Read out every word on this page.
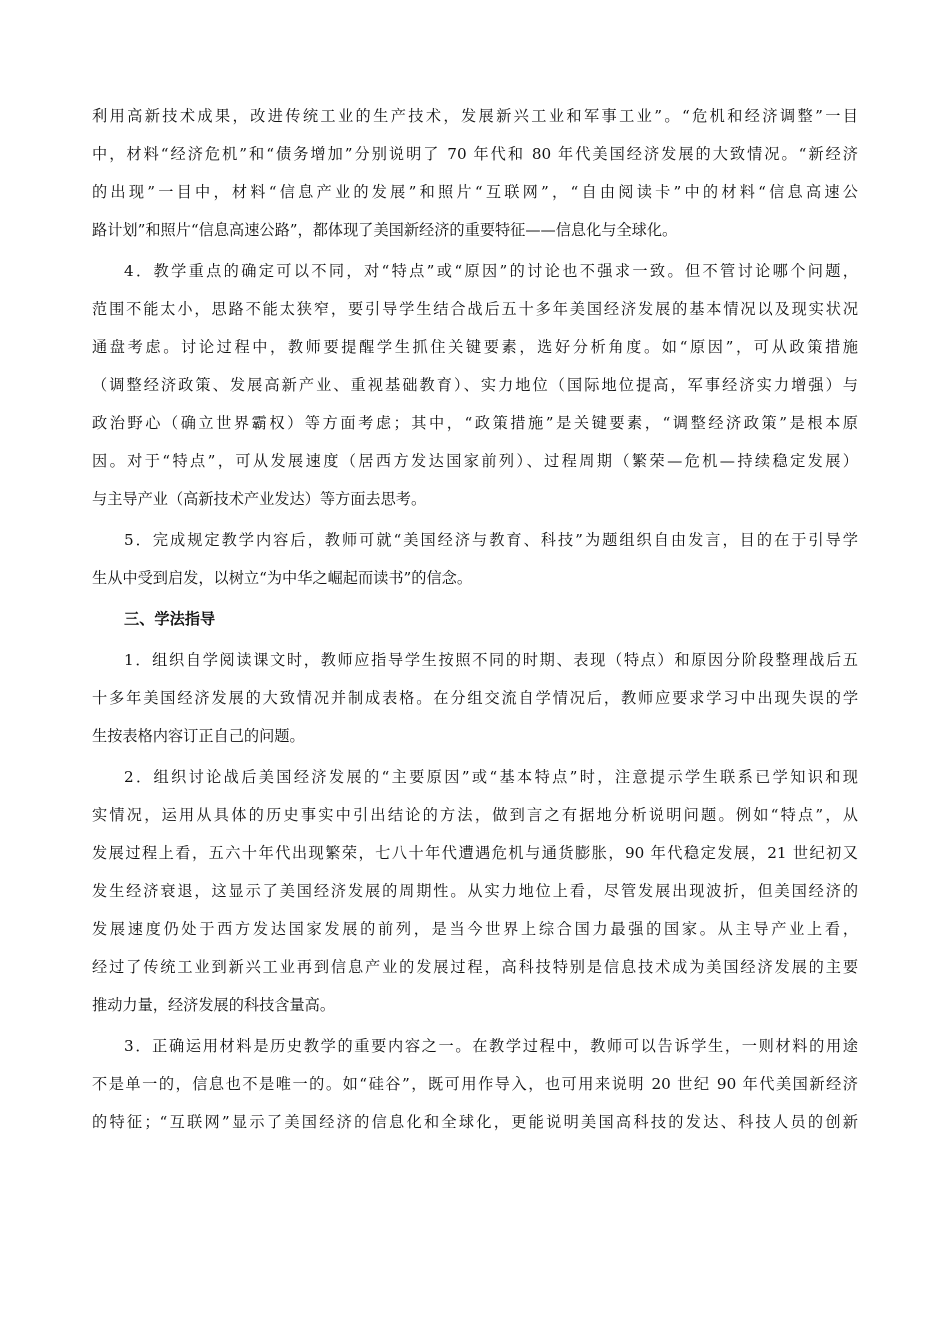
利用高新技术成果，改进传统工业的生产技术，发展新兴工业和军事工业”。“危机和经济调整”一目
中，材料“经济危机”和“债务增加”分别说明了 70 年代和 80 年代美国经济发展的大致情况。“新经济
的出现”一目中，材料“信息产业的发展”和照片“互联网”，“自由阅读卡”中的材料“信息高速公
路计划”和照片“信息高速公路”，都体现了美国新经济的重要特征——信息化与全球化。
4．教学重点的确定可以不同，对“特点”或“原因”的讨论也不强求一致。但不管讨论哪个问题，
范围不能太小，思路不能太狭窄，要引导学生结合战后五十多年美国经济发展的基本情况以及现实状况
通盘考虑。讨论过程中，教师要提醒学生抓住关键要素，选好分析角度。如“原因”，可从政策措施
（调整经济政策、发展高新产业、重视基础教育）、实力地位（国际地位提高，军事经济实力增强）与
政治野心（确立世界霸权）等方面考虑；其中，“政策措施”是关键要素，“调整经济政策”是根本原
因。对于“特点”，可从发展速度（居西方发达国家前列）、过程周期（繁荣—危机—持续稳定发展）
与主导产业（高新技术产业发达）等方面去思考。
5．完成规定教学内容后，教师可就“美国经济与教育、科技”为题组织自由发言，目的在于引导学
生从中受到启发，以树立“为中华之崛起而读书”的信念。
三、学法指导
1．组织自学阅读课文时，教师应指导学生按照不同的时期、表现（特点）和原因分阶段整理战后五
十多年美国经济发展的大致情况并制成表格。在分组交流自学情况后，教师应要求学习中出现失误的学
生按表格内容订正自己的问题。
2．组织讨论战后美国经济发展的“主要原因”或“基本特点”时，注意提示学生联系已学知识和现
实情况，运用从具体的历史事实中引出结论的方法，做到言之有据地分析说明问题。例如“特点”，从
发展过程上看，五六十年代出现繁荣，七八十年代遭遇危机与通货膨胀，90 年代稳定发展，21 世纪初又
发生经济衰退，这显示了美国经济发展的周期性。从实力地位上看，尽管发展出现波折，但美国经济的
发展速度仍处于西方发达国家发展的前列，是当今世界上综合国力最强的国家。从主导产业上看，
经过了传统工业到新兴工业再到信息产业的发展过程，高科技特别是信息技术成为美国经济发展的主要
推动力量，经济发展的科技含量高。
3．正确运用材料是历史教学的重要内容之一。在教学过程中，教师可以告诉学生，一则材料的用途
不是单一的，信息也不是唯一的。如“硅谷”，既可用作导入，也可用来说明 20 世纪 90 年代美国新经济
的特征；“互联网”显示了美国经济的信息化和全球化，更能说明美国高科技的发达、科技人员的创新
